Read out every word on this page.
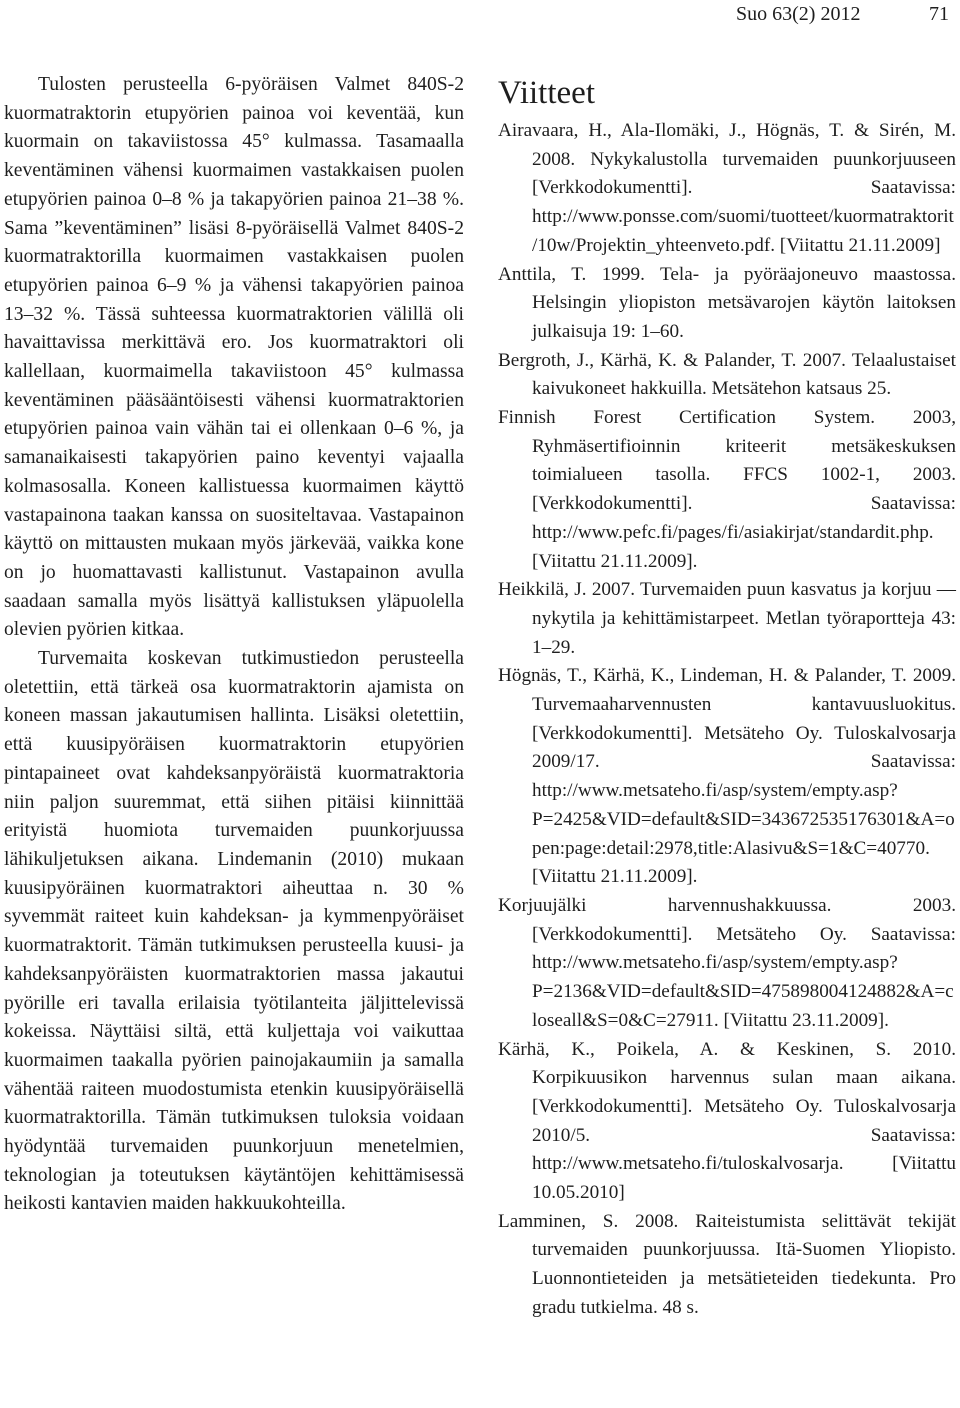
Suo 63(2) 2012	71

Tulosten perusteella 6-pyöräisen Valmet 840S-2 kuormatraktorin etupyörien painoa voi keventää, kun kuormain on takaviistossa 45° kulmassa. Tasamaalla keventäminen vähensi kuormaimen vastakkaisen puolen etupyörien painoa 0–8 % ja takapyörien painoa 21–38 %. Sama ”keventäminen” lisäsi 8-pyöräisellä Valmet 840S-2 kuormatraktorilla kuormaimen vastakkaisen puolen etupyörien painoa 6–9 % ja vähensi takapyörien painoa 13–32 %. Tässä suhteessa kuormatraktorien välillä oli havaittavissa merkittävä ero. Jos kuormatraktori oli kallellaan, kuormaimella takaviistoon 45° kulmassa keventäminen pääsääntöisesti vähensi kuormatraktorien etupyörien painoa vain vähän tai ei ollenkaan 0–6 %, ja samanaikaisesti takapyörien paino keventyi vajaalla kolmasosalla. Koneen kallistuessa kuormaimen käyttö vastapainona taakan kanssa on suositeltavaa. Vastapainon käyttö on mittausten mukaan myös järkevää, vaikka kone on jo huomattavasti kallistunut. Vastapainon avulla saadaan samalla myös lisättyä kallistuksen yläpuolella olevien pyörien kitkaa.

Turvemaita koskevan tutkimustiedon perusteella oletettiin, että tärkeä osa kuormatraktorin ajamista on koneen massan jakautumisen hallinta. Lisäksi oletettiin, että kuusipyöräisen kuormatraktorin etupyörien pintapaineet ovat kahdeksanpyöräistä kuormatraktoria niin paljon suuremmat, että siihen pitäisi kiinnittää erityistä huomiota turvemaiden puunkorjuussa lähikuljetuksen aikana. Lindemanin (2010) mukaan kuusipyöräinen kuormatraktori aiheuttaa n. 30 % syvemmät raiteet kuin kahdeksan- ja kymmenpyöräiset kuormatraktorit. Tämän tutkimuksen perusteella kuusi- ja kahdeksanpyöräisten kuormatraktorien massa jakautui pyörille eri tavalla erilaisia työtilanteita jäljittelevissä kokeissa. Näyttäisi siltä, että kuljettaja voi vaikuttaa kuormaimen taakalla pyörien painojakaumiin ja samalla vähentää raiteen muodostumista etenkin kuusipyöräisellä kuormatraktorilla. Tämän tutkimuksen tuloksia voidaan hyödyntää turvemaiden puunkorjuun menetelmien, teknologian ja toteutuksen käytäntöjen kehittämisessä heikosti kantavien maiden hakkuukohteilla.

Viitteet
Airavaara, H., Ala-Ilomäki, J., Högnäs, T. & Sirén, M. 2008. Nykykalustolla turvemaiden puunkorjuuseen [Verkkodokumentti]. Saatavissa: http://www.ponsse.com/suomi/tuotteet/kuormatraktorit/10w/Projektin_yhteenveto.pdf. [Viitattu 21.11.2009]
Anttila, T. 1999. Tela- ja pyöräajoneuvo maastossa. Helsingin yliopiston metsävarojen käytön laitoksen julkaisuja 19: 1–60.
Bergroth, J., Kärhä, K. & Palander, T. 2007. Telaalustaiset kaivukoneet hakkuilla. Metsätehon katsaus 25.
Finnish Forest Certification System. 2003, Ryhmäsertifioinnin kriteerit metsäkeskuksen toimialueen tasolla. FFCS 1002-1, 2003. [Verkkodokumentti]. Saatavissa: http://www.pefc.fi/pages/fi/asiakirjat/standardit.php. [Viitattu 21.11.2009].
Heikkilä, J. 2007. Turvemaiden puun kasvatus ja korjuu — nykytila ja kehittämistarpeet. Metlan työraportteja 43: 1–29.
Högnäs, T., Kärhä, K., Lindeman, H. & Palander, T. 2009. Turvemaaharvennusten kantavuusluokitus. [Verkkodokumentti]. Metsäteho Oy. Tuloskalvosarja 2009/17. Saatavissa: http://www.metsateho.fi/asp/system/empty.asp?P=2425&VID=default&SID=343672535176301&A=open:page:detail:2978,title:Alasivu&S=1&C=40770. [Viitattu 21.11.2009].
Korjuujälki harvennushakkuussa. 2003.[Verkkodokumentti]. Metsäteho Oy. Saatavissa: http://www.metsateho.fi/asp/system/empty.asp?P=2136&VID=default&SID=475898004124882&A=closeall&S=0&C=27911. [Viitattu 23.11.2009].
Kärhä, K., Poikela, A. & Keskinen, S. 2010. Korpikuusikon harvennus sulan maan aikana. [Verkkodokumentti]. Metsäteho Oy. Tuloskalvosarja 2010/5. Saatavissa: http://www.metsateho.fi/tuloskalvosarja. [Viitattu 10.05.2010]
Lamminen, S. 2008. Raiteistumista selittävät tekijät turvemaiden puunkorjuussa. Itä-Suomen Yliopisto. Luonnontieteiden ja metsätieteiden tiedekunta. Pro gradu tutkielma. 48 s.
